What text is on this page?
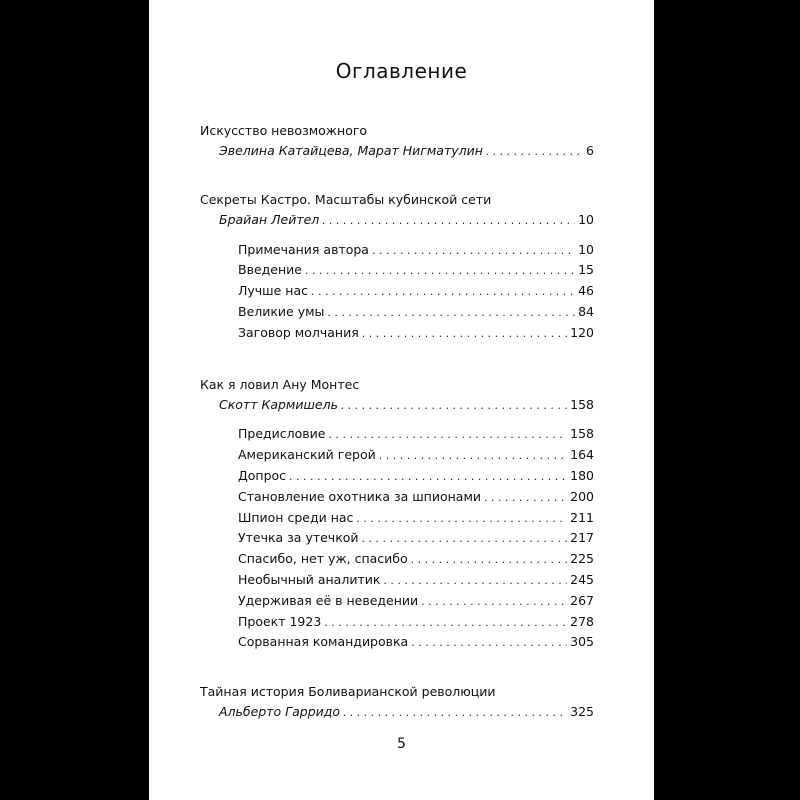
Оглавление
Искусство невозможного
Эвелина Катайцева, Марат Нигматулин . . .	6
Секреты Кастро. Масштабы кубинской сети
Брайан Лейтел . . .	10
Примечания автора . . .	10
Введение . . .	15
Лучше нас . . .	46
Великие умы . . .	84
Заговор молчания . . .	120
Как я ловил Ану Монтес
Скотт Кармишель . . .	158
Предисловие . . .	158
Американский герой . . .	164
Допрос . . .	180
Становление охотника за шпионами . . .	200
Шпион среди нас . . .	211
Утечка за утечкой . . .	217
Спасибо, нет уж, спасибо . . .	225
Необычный аналитик . . .	245
Удерживая её в неведении . . .	267
Проект 1923 . . .	278
Сорванная командировка . . .	305
Тайная история Боливарианской революции
Альберто Гарридо . . .	325
5
